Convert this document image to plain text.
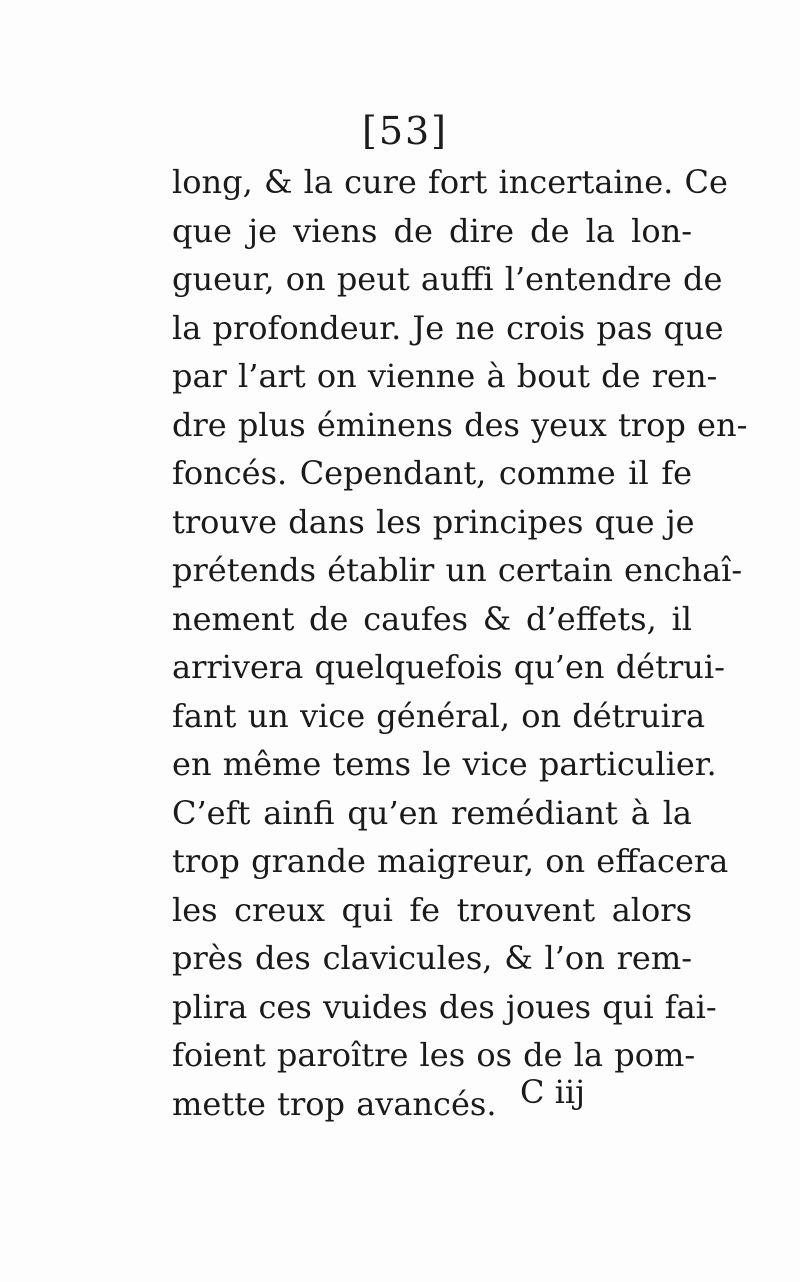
[53]
long, & la cure fort incertaine. Ce
que je viens de dire de la lon-
gueur, on peut auffi l’entendre de
la profondeur. Je ne crois pas que
par l’art on vienne à bout de ren-
dre plus éminens des yeux trop en-
foncés. Cependant, comme il fe
trouve dans les principes que je
prétends établir un certain enchaî-
nement de caufes & d’effets, il
arrivera quelquefois qu’en détrui-
fant un vice général, on détruira
en même tems le vice particulier.
C’eft ainfi qu’en remédiant à la
trop grande maigreur, on effacera
les creux qui fe trouvent alors
près des clavicules, & l’on rem-
plira ces vuides des joues qui fai-
foient paroître les os de la pom-
mette trop avancés. C iij
